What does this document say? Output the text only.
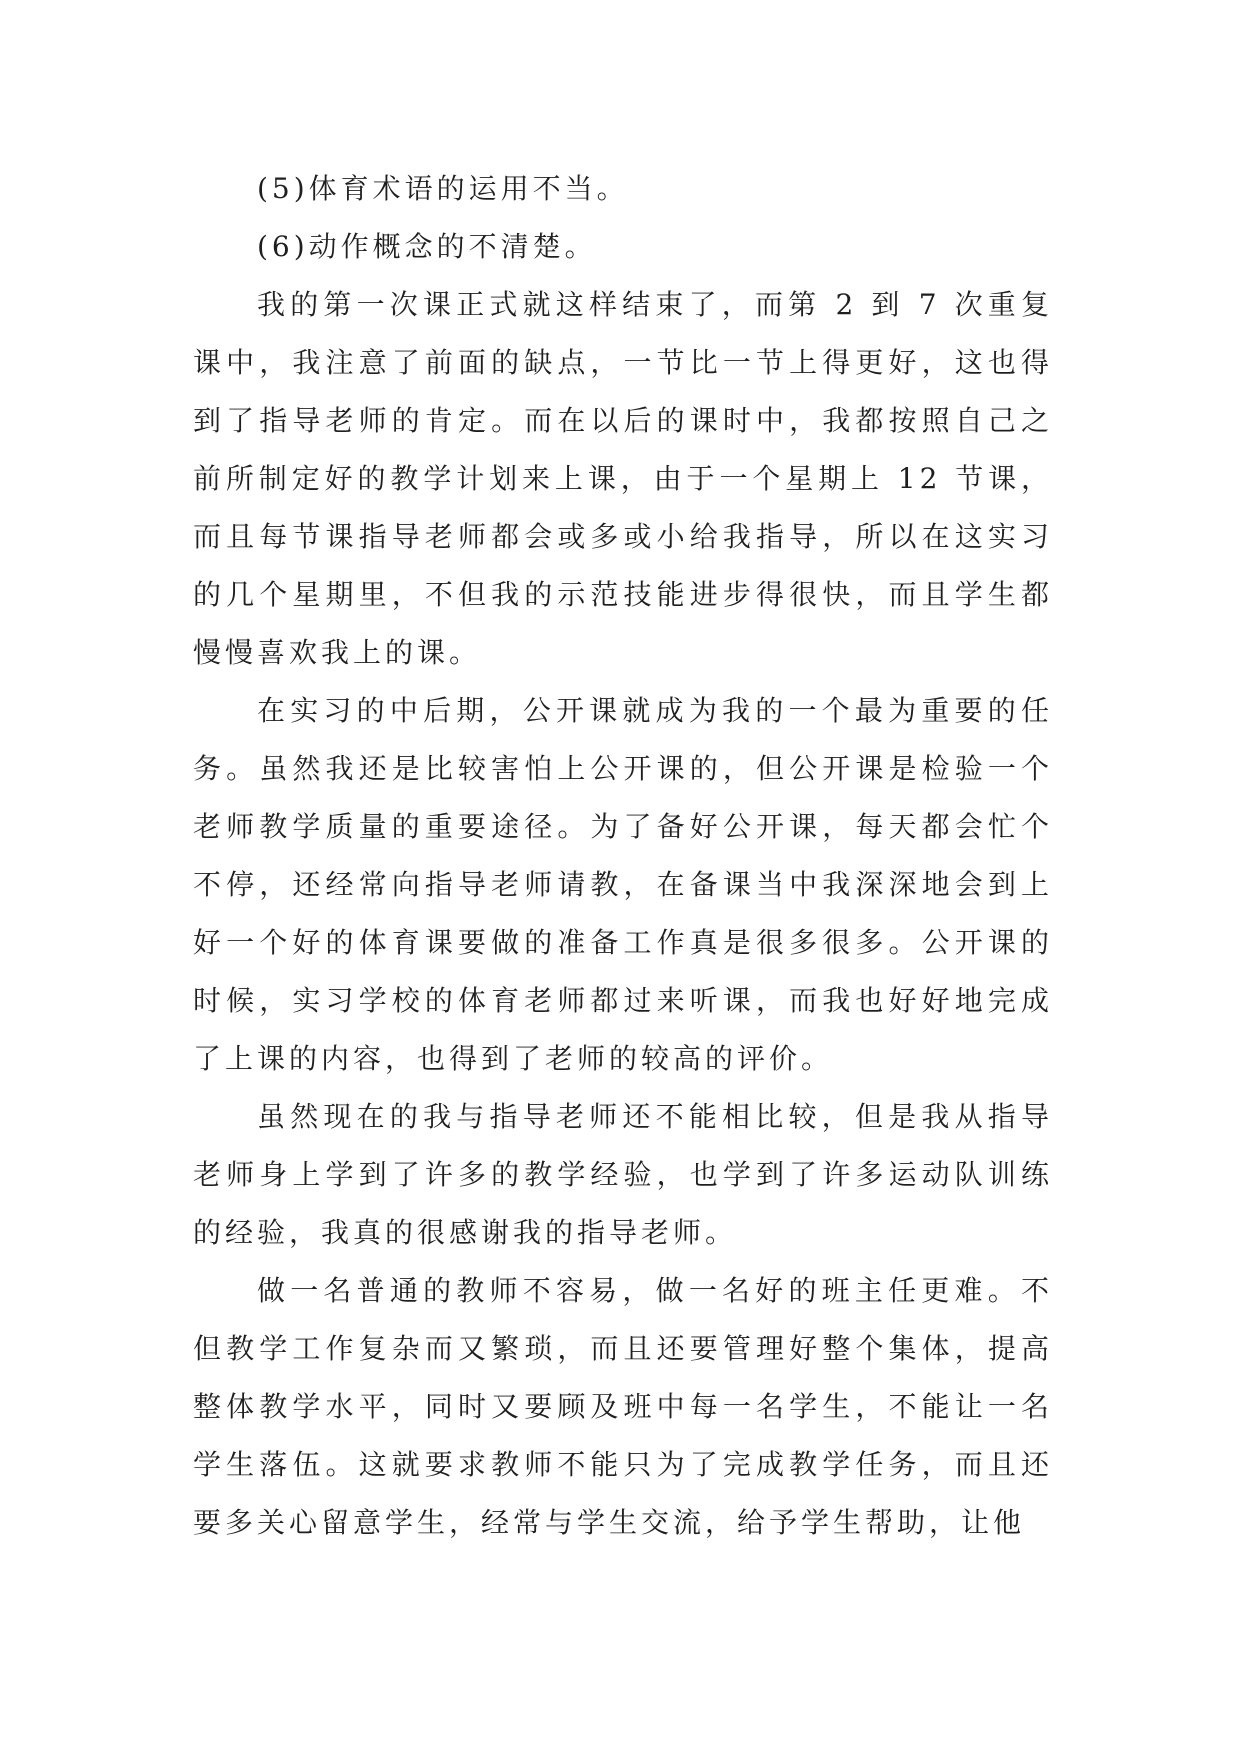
(5)体育术语的运用不当。

(6)动作概念的不清楚。

我的第一次课正式就这样结束了，而第 2 到 7 次重复课中，我注意了前面的缺点，一节比一节上得更好，这也得到了指导老师的肯定。而在以后的课时中，我都按照自己之前所制定好的教学计划来上课，由于一个星期上 12 节课，而且每节课指导老师都会或多或小给我指导，所以在这实习的几个星期里，不但我的示范技能进步得很快，而且学生都慢慢喜欢我上的课。

在实习的中后期，公开课就成为我的一个最为重要的任务。虽然我还是比较害怕上公开课的，但公开课是检验一个老师教学质量的重要途径。为了备好公开课，每天都会忙个不停，还经常向指导老师请教，在备课当中我深深地会到上好一个好的体育课要做的准备工作真是很多很多。公开课的时候，实习学校的体育老师都过来听课，而我也好好地完成了上课的内容，也得到了老师的较高的评价。

虽然现在的我与指导老师还不能相比较，但是我从指导老师身上学到了许多的教学经验，也学到了许多运动队训练的经验，我真的很感谢我的指导老师。

做一名普通的教师不容易，做一名好的班主任更难。不但教学工作复杂而又繁琐，而且还要管理好整个集体，提高整体教学水平，同时又要顾及班中每一名学生，不能让一名学生落伍。这就要求教师不能只为了完成教学任务，而且还要多关心留意学生，经常与学生交流，给予学生帮助，让他
